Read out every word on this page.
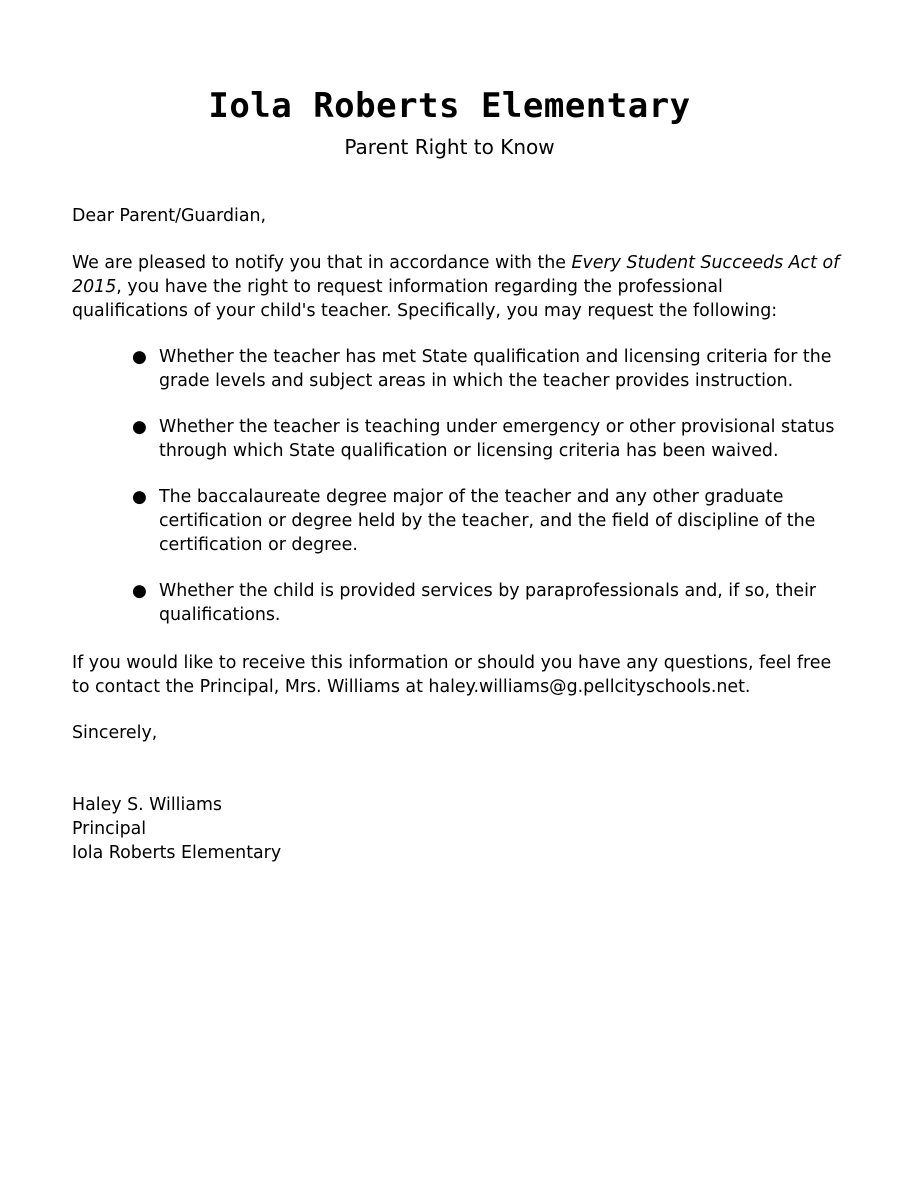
Iola Roberts Elementary
Parent Right to Know

Dear Parent/Guardian,

We are pleased to notify you that in accordance with the Every Student Succeeds Act of 2015, you have the right to request information regarding the professional qualifications of your child's teacher. Specifically, you may request the following:

● Whether the teacher has met State qualification and licensing criteria for the grade levels and subject areas in which the teacher provides instruction.
● Whether the teacher is teaching under emergency or other provisional status through which State qualification or licensing criteria has been waived.
● The baccalaureate degree major of the teacher and any other graduate certification or degree held by the teacher, and the field of discipline of the certification or degree.
● Whether the child is provided services by paraprofessionals and, if so, their qualifications.

If you would like to receive this information or should you have any questions, feel free to contact the Principal, Mrs. Williams at haley.williams@g.pellcityschools.net.

Sincerely,

Haley S. Williams
Principal
Iola Roberts Elementary
